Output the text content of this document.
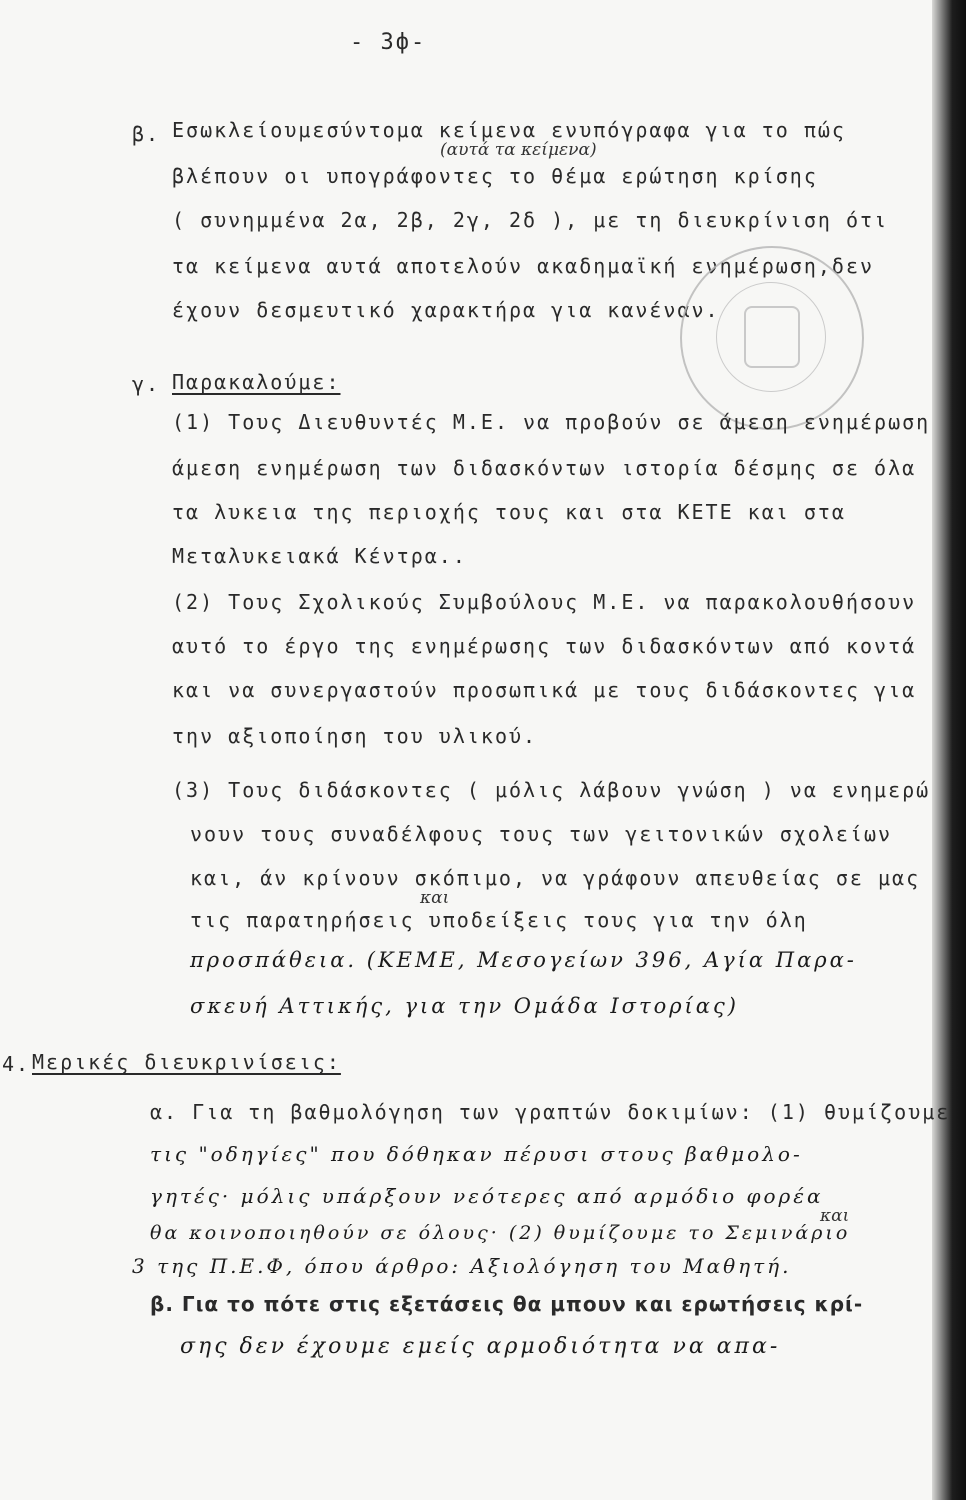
- 3ф-
β. Εσωκλείουμεσύντομα κείμενα ενυπόγραφα για το πώς
(αυτά τα κείμενα)
βλέπουν οι υπογράφοντες το θέμα ερώτηση κρίσης
( συνημμένα 2α, 2β, 2γ, 2δ ), με τη διευκρίνιση ότι
τα κείμενα αυτά αποτελούν ακαδημαϊκή ενημέρωση,δεν
έχουν δεσμευτικό χαρακτήρα για κανέναν.
γ. Παρακαλούμε:
(1) Τους Διευθυντές Μ.Ε. να προβούν σε άμεση ενημέρωση
άμεση ενημέρωση των διδασκόντων ιστορία δέσμης σε όλα
τα λυκεια της περιοχής τους και στα ΚΕΤΕ και στα
Μεταλυκειακά Κέντρα..
(2) Τους Σχολικούς Συμβούλους Μ.Ε. να παρακολουθήσουν
αυτό το έργο της ενημέρωσης των διδασκόντων από κοντά
και να συνεργαστούν προσωπικά με τους διδάσκοντες για
την αξιοποίηση του υλικού.
(3) Τους διδάσκοντες ( μόλις λάβουν γνώση ) να ενημερώ
νουν τους συναδέλφους τους των γειτονικών σχολείων
και, άν κρίνουν σκόπιμο, να γράφουν απευθείας σε μας
και
τις παρατηρήσεις υποδείξεις τους για την όλη
προσπάθεια. (ΚΕΜΕ, Μεσογείων 396, Αγία Παρα-
σκευή Αττικής, για την Ομάδα Ιστορίας)
4. Μερικές διευκρινίσεις:
α. Για τη βαθμολόγηση των γραπτών δοκιμίων: (1) θυμίζουμε
τις "οδηγίες" που δόθηκαν πέρυσι στους βαθμολο-
γητές· μόλις υπάρξουν νεότερες από αρμόδιο φορέα
και
θα κοινοποιηθούν σε όλους· (2) θυμίζουμε το Σεμινάριο
3 της Π.Ε.Φ, όπου άρθρο: Αξιολόγηση του Μαθητή.
β. Για το πότε στις εξετάσεις θα μπουν και ερωτήσεις κρί-
σης δεν έχουμε εμείς αρμοδιότητα να απα-
